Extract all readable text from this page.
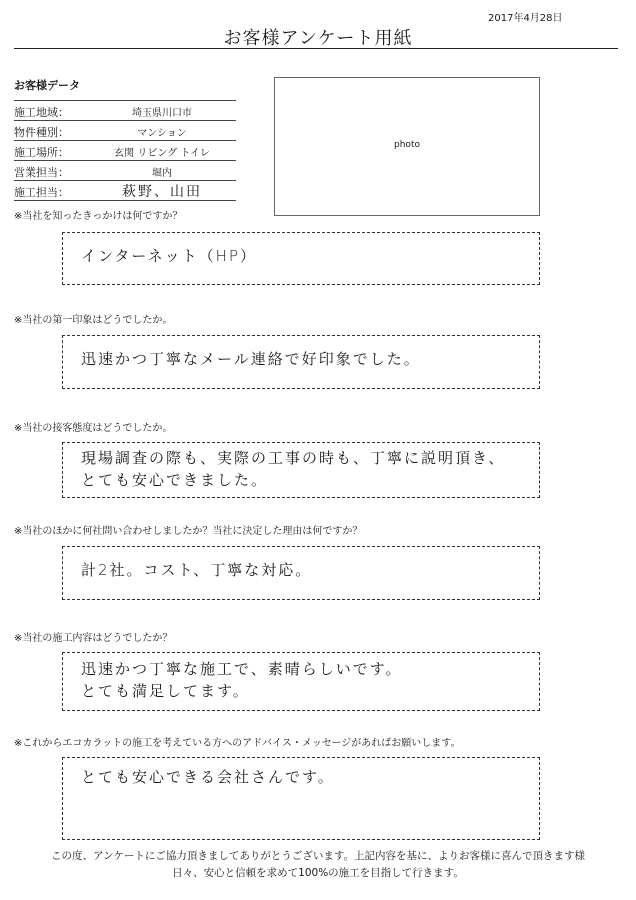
2017年4月28日
お客様アンケート用紙
お客様データ
施工地域：	埼玉県川口市
物件種別：	マンション
施工場所：	玄関 リビング トイレ
営業担当：	堀内
施工担当：	萩野、山田
photo
※当社を知ったきっかけは何ですか？
インターネット（HP）
※当社の第一印象はどうでしたか。
迅速かつ丁寧なメール連絡で好印象でした。
※当社の接客態度はどうでしたか。
現場調査の際も、実際の工事の時も、丁寧に説明頂き、
とても安心できました。
※当社のほかに何社問い合わせしましたか？当社に決定した理由は何ですか？
計2社。コスト、丁寧な対応。
※当社の施工内容はどうでしたか？
迅速かつ丁寧な施工で、素晴らしいです。
とても満足してます。
※これからエコカラットの施工を考えている方へのアドバイス・メッセージがあればお願いします。
とても安心できる会社さんです。
この度、アンケートにご協力頂きましてありがとうございます。上記内容を基に、よりお客様に喜んで頂きます様
日々、安心と信頼を求めて100%の施工を目指して行きます。
